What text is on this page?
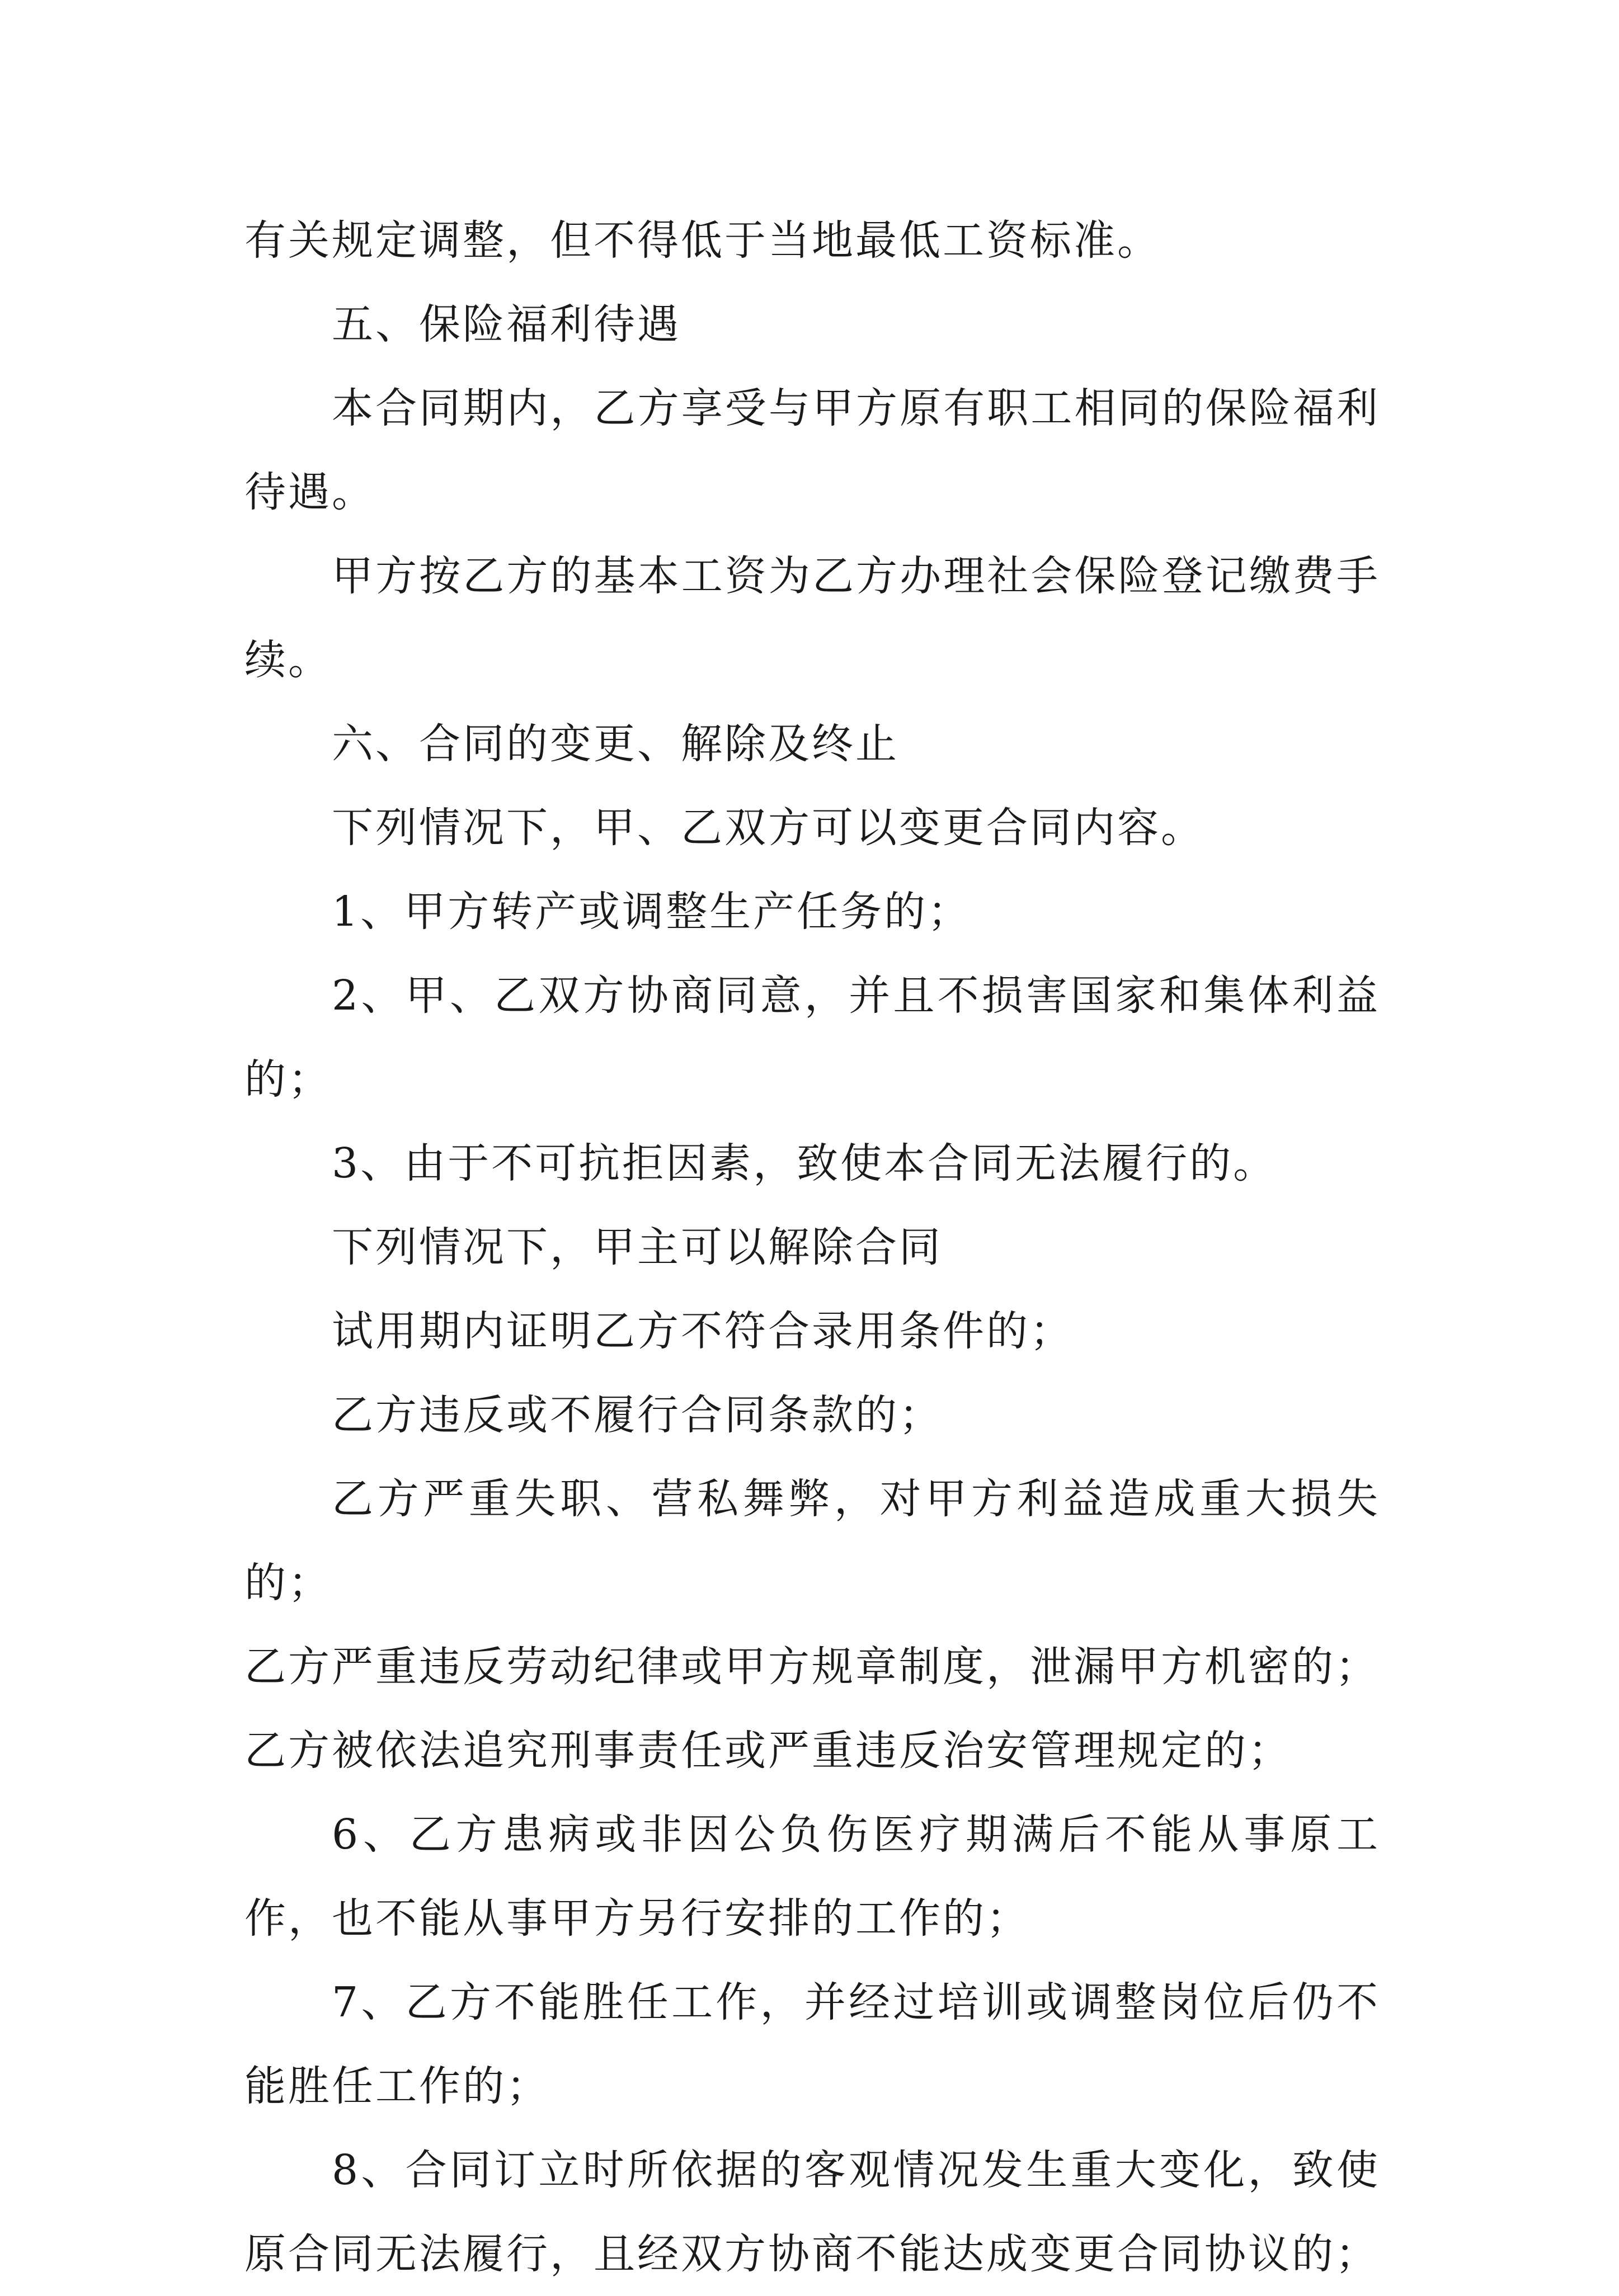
有关规定调整，但不得低于当地最低工资标准。

五、保险福利待遇

本合同期内，乙方享受与甲方原有职工相同的保险福利待遇。

甲方按乙方的基本工资为乙方办理社会保险登记缴费手续。

六、合同的变更、解除及终止

下列情况下，甲、乙双方可以变更合同内容。

1、甲方转产或调整生产任务的；

2、甲、乙双方协商同意，并且不损害国家和集体利益的；

3、由于不可抗拒因素，致使本合同无法履行的。

下列情况下，甲主可以解除合同

试用期内证明乙方不符合录用条件的；

乙方违反或不履行合同条款的；

乙方严重失职、营私舞弊，对甲方利益造成重大损失的；

乙方严重违反劳动纪律或甲方规章制度，泄漏甲方机密的；

乙方被依法追究刑事责任或严重违反治安管理规定的；

6、乙方患病或非因公负伤医疗期满后不能从事原工作，也不能从事甲方另行安排的工作的；

7、乙方不能胜任工作，并经过培训或调整岗位后仍不能胜任工作的；

8、合同订立时所依据的客观情况发生重大变化，致使原合同无法履行，且经双方协商不能达成变更合同协议的；
